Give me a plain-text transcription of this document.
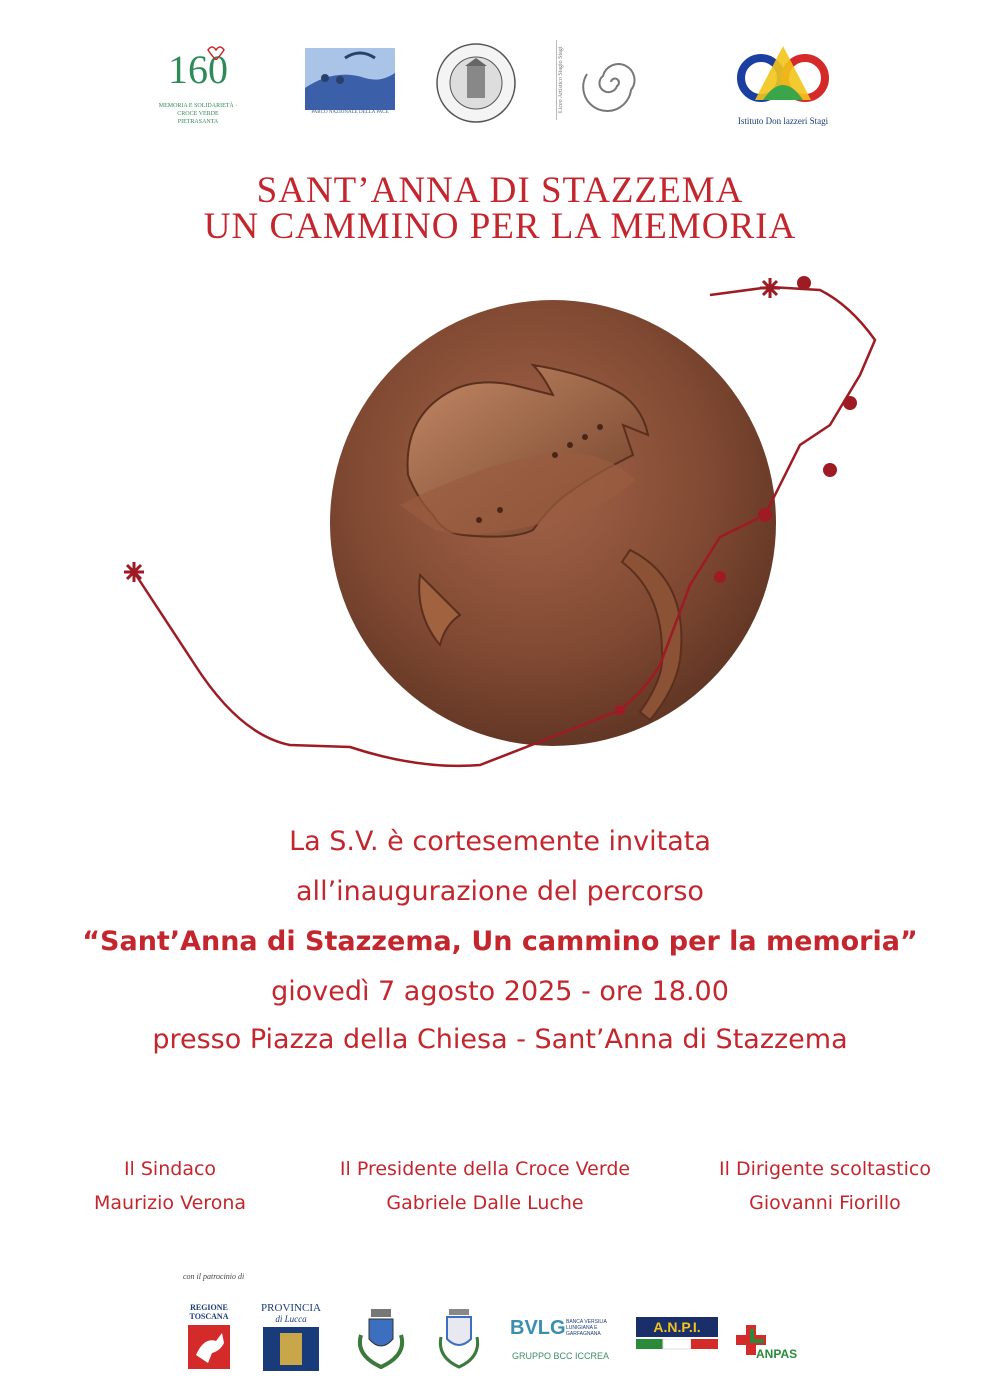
160
MEMORIA E SOLIDARIETÀ · CROCE VERDE PIETRASANTA
PARCO NAZIONALE DELLA PACE	Liceo Artistico Stagio Stagi
Istituto Don lazzeri Stagi
SANT’ANNA DI STAZZEMA
UN CAMMINO PER LA MEMORIA
La S.V. è cortesemente invitata
all’inaugurazione del percorso
“Sant’Anna di Stazzema, Un cammino per la memoria”
giovedì 7 agosto 2025 - ore 18.00
presso Piazza della Chiesa - Sant’Anna di Stazzema
Il Sindaco
Maurizio Verona
Il Presidente della Croce Verde
Gabriele Dalle Luche
Il Dirigente scoltastico
Giovanni Fiorillo
con il patrocinio di
REGIONE TOSCANA
PROVINCIA
di Lucca	BVLG BANCA VERSILIA LUNIGIANA E GARFAGNANA
GRUPPO BCC ICCREA
A.N.P.I.
ANPAS
